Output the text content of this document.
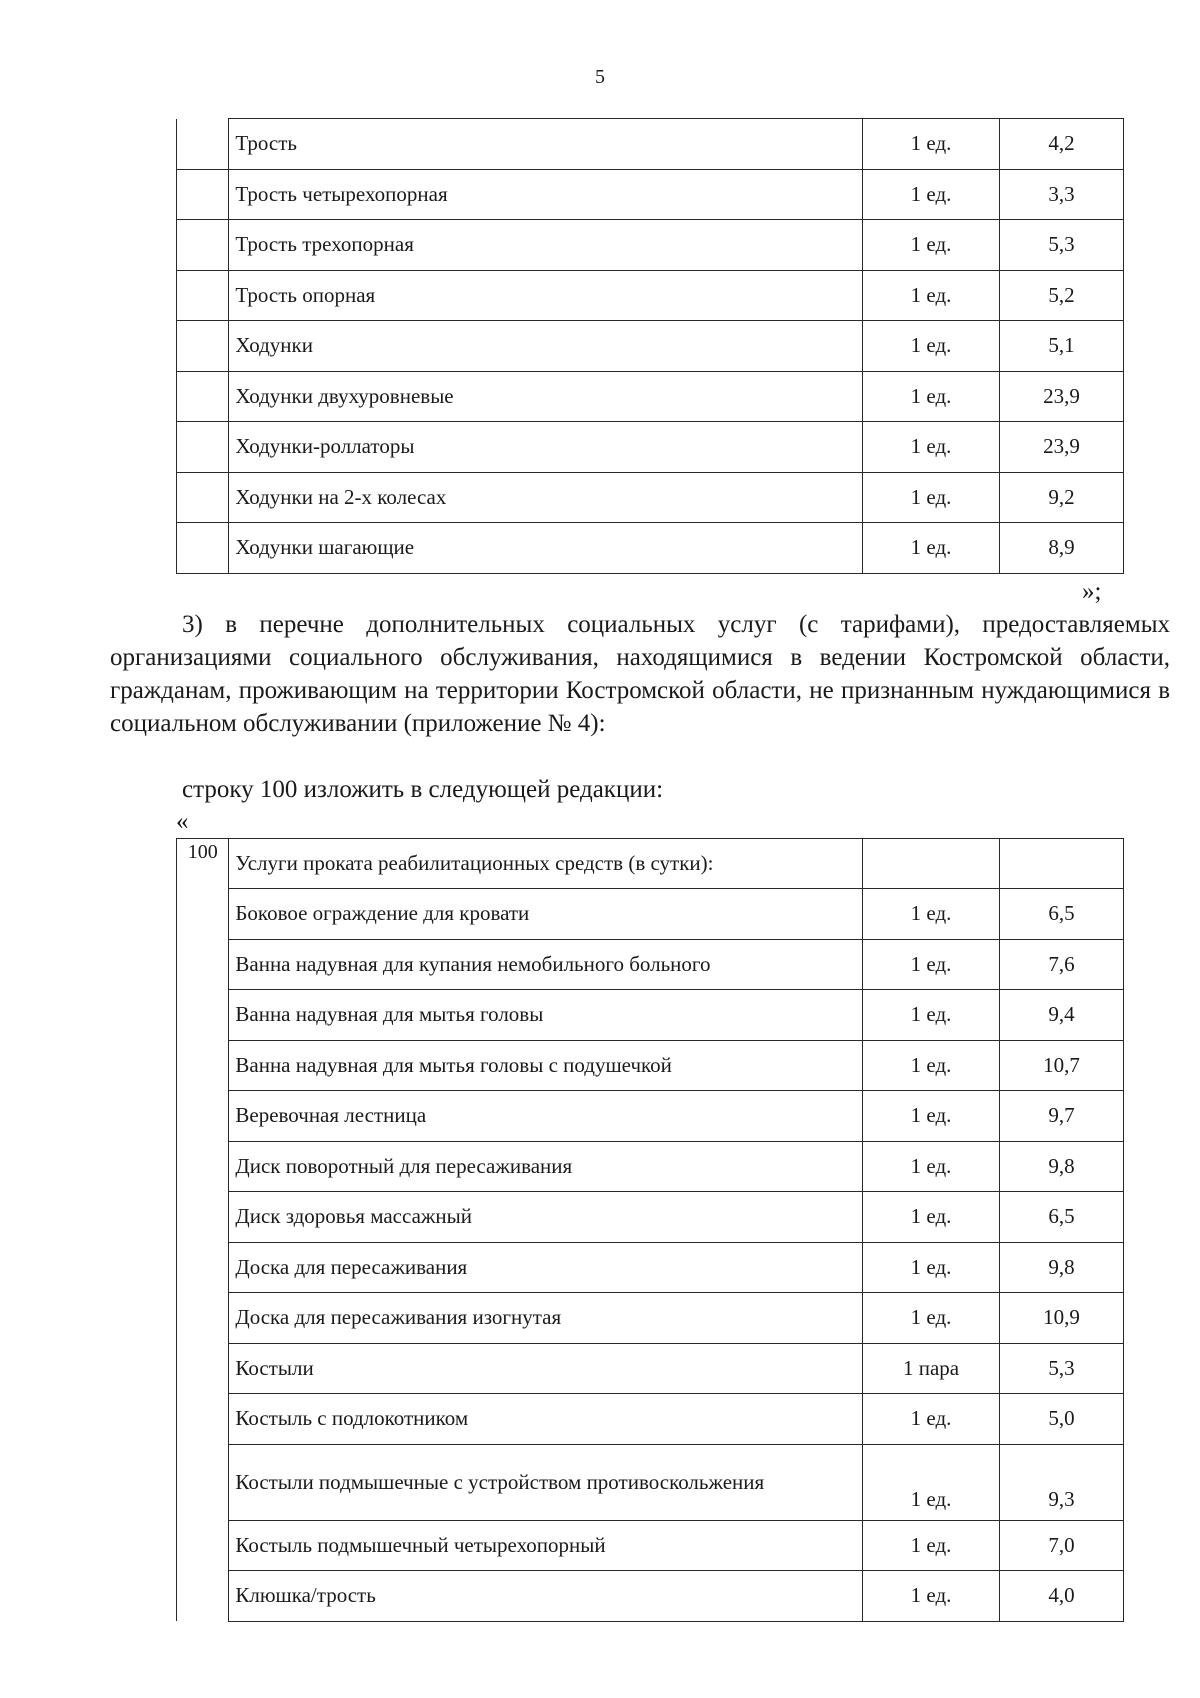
5
	Трость	1 ед.	4,2
	Трость четырехопорная	1 ед.	3,3
	Трость трехопорная	1 ед.	5,3
	Трость опорная	1 ед.	5,2
	Ходунки	1 ед.	5,1
	Ходунки двухуровневые	1 ед.	23,9
	Ходунки-роллаторы	1 ед.	23,9
	Ходунки на 2-х колесах	1 ед.	9,2
	Ходунки шагающие	1 ед.	8,9
»;
3) в перечне дополнительных социальных услуг (с тарифами), предоставляемых организациями социального обслуживания, находящимися в ведении Костромской области, гражданам, проживающим на территории Костромской области, не признанным нуждающимися в социальном обслуживании (приложение № 4):
строку 100 изложить в следующей редакции:
«
100	Услуги проката реабилитационных средств (в сутки):		
	Боковое ограждение для кровати	1 ед.	6,5
	Ванна надувная для купания немобильного больного	1 ед.	7,6
	Ванна надувная для мытья головы	1 ед.	9,4
	Ванна надувная для мытья головы с подушечкой	1 ед.	10,7
	Веревочная лестница	1 ед.	9,7
	Диск поворотный для пересаживания	1 ед.	9,8
	Диск здоровья массажный	1 ед.	6,5
	Доска для пересаживания	1 ед.	9,8
	Доска для пересаживания изогнутая	1 ед.	10,9
	Костыли	1 пара	5,3
	Костыль с подлокотником	1 ед.	5,0
	Костыли подмышечные с устройством противоскольжения	1 ед.	9,3
	Костыль подмышечный четырехопорный	1 ед.	7,0
	Клюшка/трость	1 ед.	4,0
